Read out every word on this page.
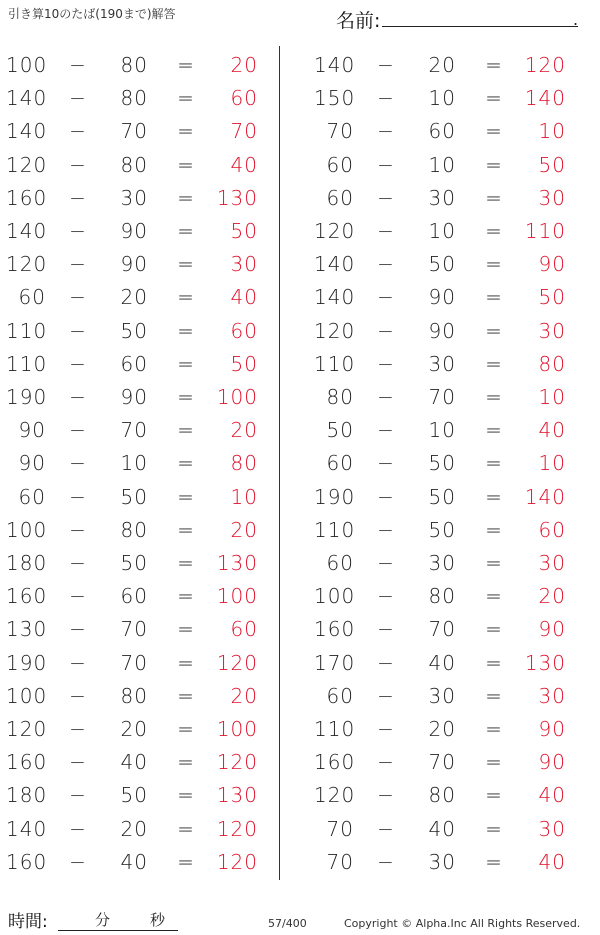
引き算10のたば(190まで)解答	名前:	.
100 − 80 =	20
140 − 80 =	60
140 − 70 =	70
120 − 80 =	40
160 − 30 = 130
140 − 90 =	50
120 − 90 =	30
60 − 20 =	40
110 − 50 =	60
110 − 60 =	50
190 − 90 = 100
90 − 70 =	20
90 − 10 =	80
60 − 50 =	10
100 − 80 =	20
180 − 50 = 130
160 − 60 = 100
130 − 70 =	60
190 − 70 = 120
100 − 80 =	20
120 − 20 = 100
160 − 40 = 120
180 − 50 = 130
140 − 20 = 120
160 − 40 = 120
140 − 20 = 120
150 − 10 = 140
70 − 60 =	10
60 − 10 =	50
60 − 30 =	30
120 − 10 = 110
140 − 50 =	90
140 − 90 =	50
120 − 90 =	30
110 − 30 =	80
80 − 70 =	10
50 − 10 =	40
60 − 50 =	10
190 − 50 = 140
110 − 50 =	60
60 − 30 =	30
100 − 80 =	20
160 − 70 =	90
170 − 40 = 130
60 − 30 =	30
110 − 20 =	90
160 − 70 =	90
120 − 80 =	40
70 − 40 =	30
70 − 30 =	40
時間:	分	秒	57/400	Copyright © Alpha.Inc All Rights Reserved.
